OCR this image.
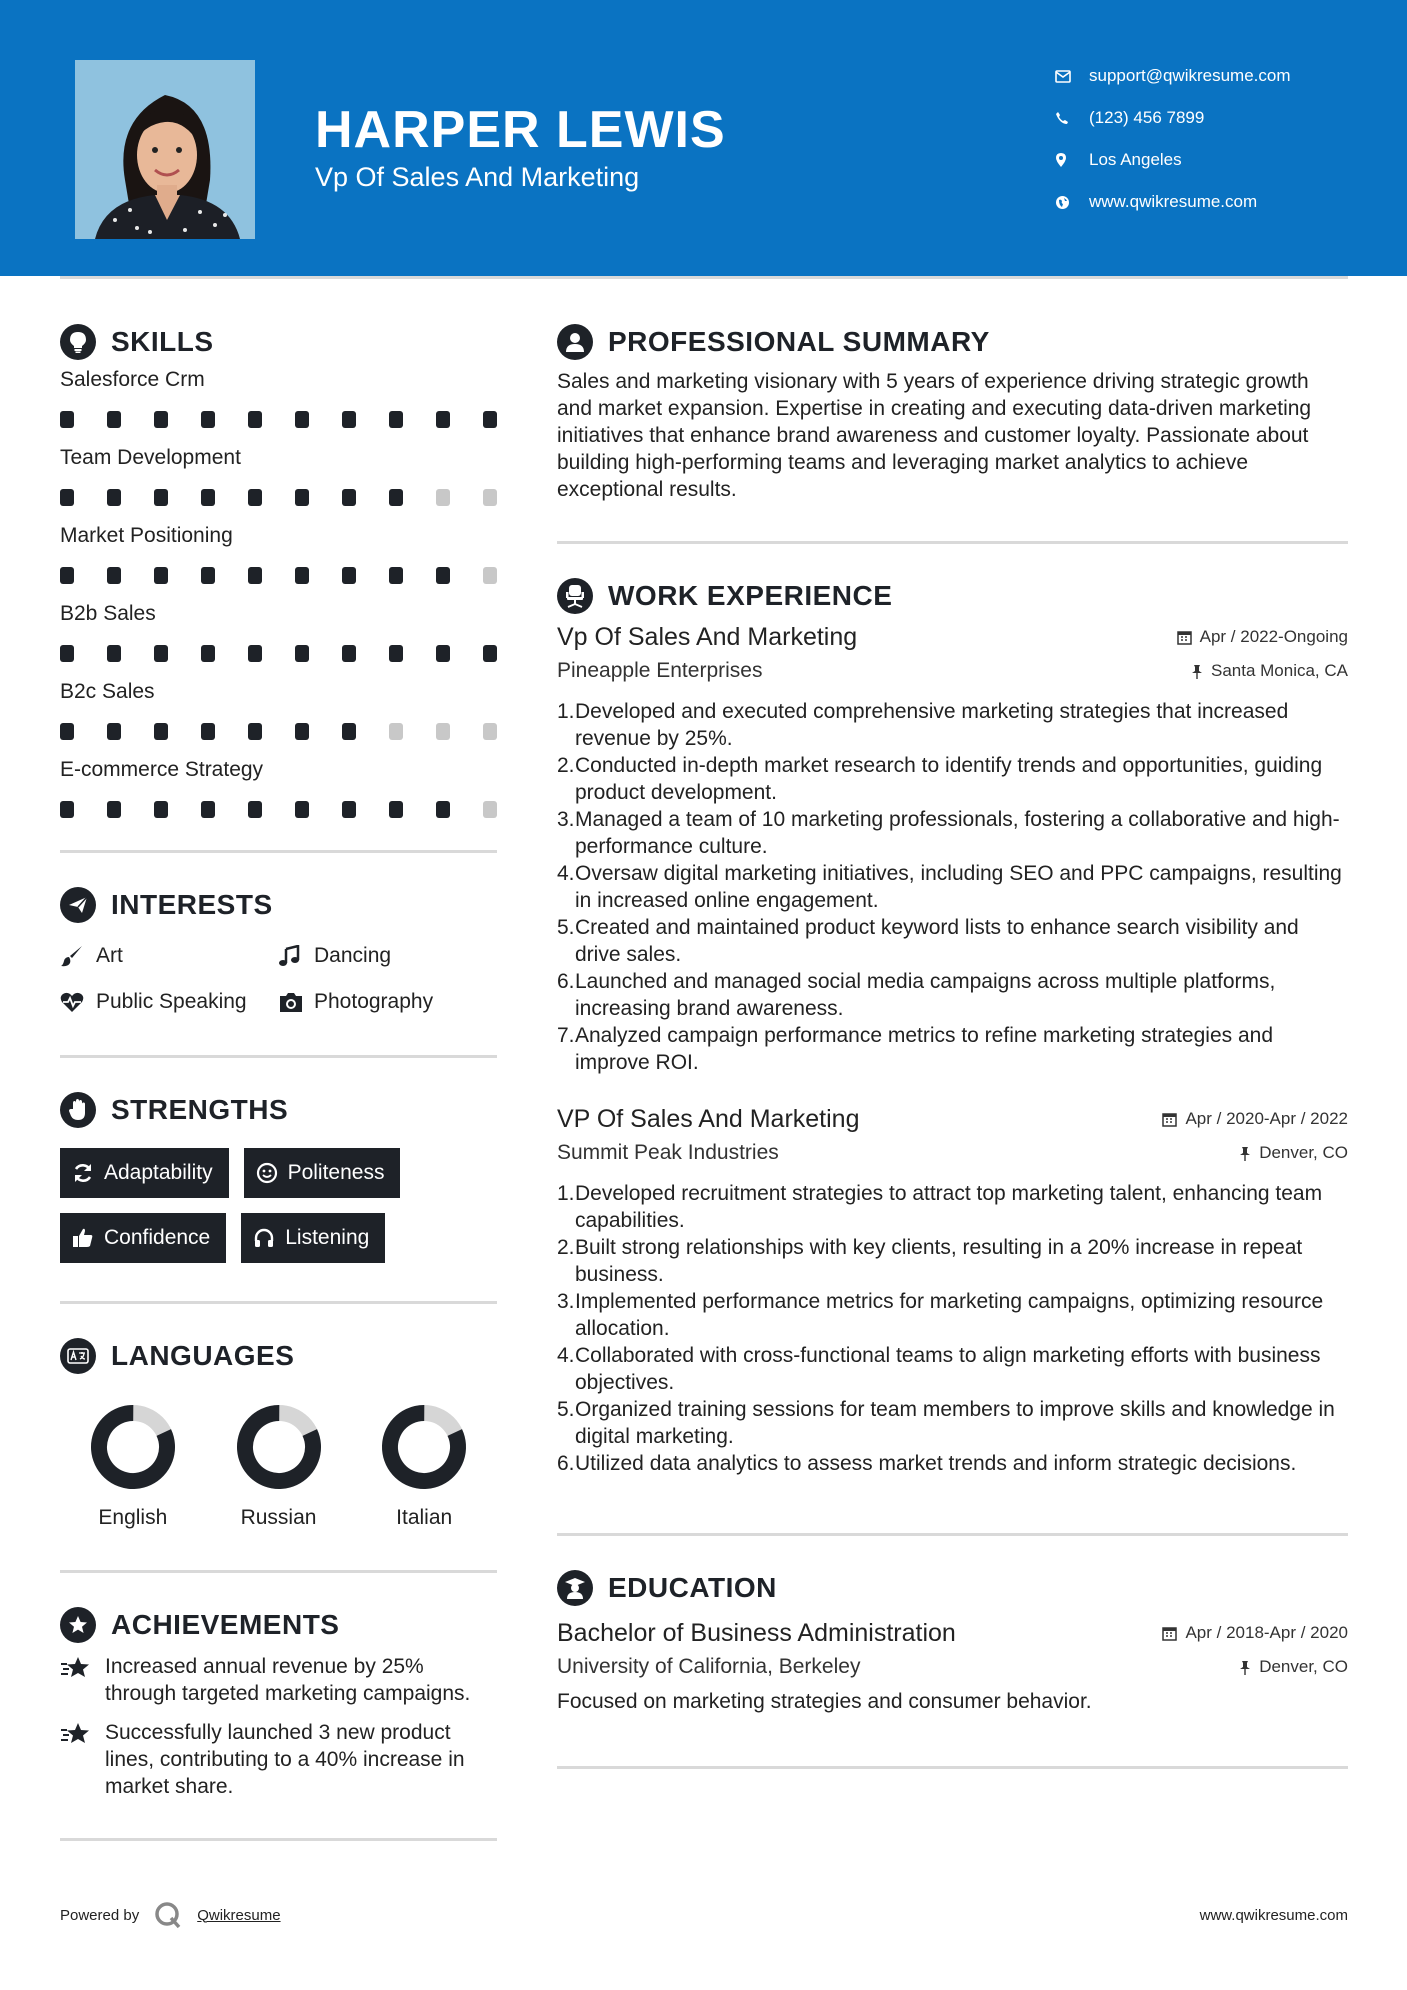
HARPER LEWIS
Vp Of Sales And Marketing
support@qwikresume.com
(123) 456 7899
Los Angeles
www.qwikresume.com
SKILLS
Salesforce Crm
Team Development
Market Positioning
B2b Sales
B2c Sales
E-commerce Strategy
INTERESTS
Art	Dancing
Public Speaking	Photography
STRENGTHS
Adaptability	Politeness
Confidence	Listening
LANGUAGES
English	Russian	Italian
ACHIEVEMENTS
Increased annual revenue by 25% through targeted marketing campaigns.
Successfully launched 3 new product lines, contributing to a 40% increase in market share.
PROFESSIONAL SUMMARY

Sales and marketing visionary with 5 years of experience driving strategic growth and market expansion. Expertise in creating and executing data-driven marketing initiatives that enhance brand awareness and customer loyalty. Passionate about building high-performing teams and leveraging market analytics to achieve exceptional results.

WORK EXPERIENCE
Vp Of Sales And Marketing	Apr / 2022-Ongoing
Pineapple Enterprises	Santa Monica, CA
1. Developed and executed comprehensive marketing strategies that increased revenue by 25%.
2. Conducted in-depth market research to identify trends and opportunities, guiding product development.
3. Managed a team of 10 marketing professionals, fostering a collaborative and high-performance culture.
4. Oversaw digital marketing initiatives, including SEO and PPC campaigns, resulting in increased online engagement.
5. Created and maintained product keyword lists to enhance search visibility and drive sales.
6. Launched and managed social media campaigns across multiple platforms, increasing brand awareness.
7. Analyzed campaign performance metrics to refine marketing strategies and improve ROI.
VP Of Sales And Marketing	Apr / 2020-Apr / 2022
Summit Peak Industries	Denver, CO
1. Developed recruitment strategies to attract top marketing talent, enhancing team capabilities.
2. Built strong relationships with key clients, resulting in a 20% increase in repeat business.
3. Implemented performance metrics for marketing campaigns, optimizing resource allocation.
4. Collaborated with cross-functional teams to align marketing efforts with business objectives.
5. Organized training sessions for team members to improve skills and knowledge in digital marketing.
6. Utilized data analytics to assess market trends and inform strategic decisions.
EDUCATION
Bachelor of Business Administration	Apr / 2018-Apr / 2020
University of California, Berkeley	Denver, CO

Focused on marketing strategies and consumer behavior.

Powered by	Qwikresume	www.qwikresume.com
